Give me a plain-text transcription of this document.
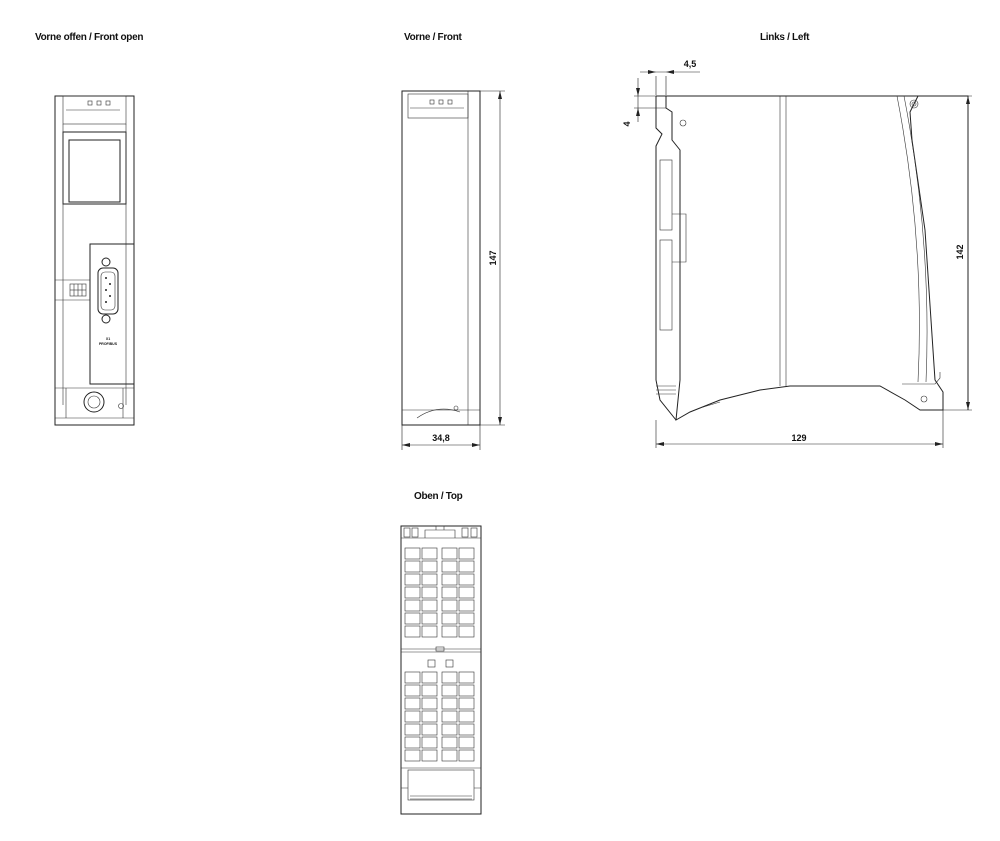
Vorne offen / Front open	Vorne / Front	Links / Left
Oben / Top
X1
PROFIBUS
147
34,8
4,5
4
142
129
